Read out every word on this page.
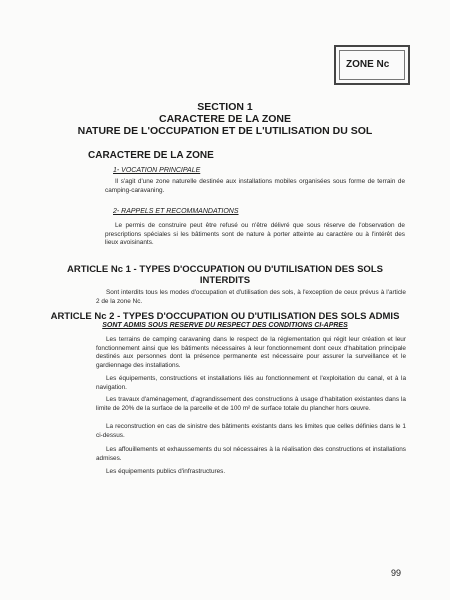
ZONE Nc
SECTION 1
CARACTERE DE LA ZONE
NATURE DE L'OCCUPATION ET DE L'UTILISATION DU SOL
CARACTERE DE LA ZONE
1- VOCATION PRINCIPALE
Il s'agit d'une zone naturelle destinée aux installations mobiles organisées sous forme de terrain de camping-caravaning.
2- RAPPELS ET RECOMMANDATIONS
Le permis de construire peut être refusé ou n'être délivré que sous réserve de l'observation de prescriptions spéciales si les bâtiments sont de nature à porter atteinte au caractère ou à l'intérêt des lieux avoisinants.
ARTICLE Nc 1 - TYPES D'OCCUPATION OU D'UTILISATION DES SOLS
INTERDITS
Sont interdits tous les modes d'occupation et d'utilisation des sols, à l'exception de ceux prévus à l'article 2 de la zone Nc.
ARTICLE Nc 2 - TYPES D'OCCUPATION OU D'UTILISATION DES SOLS ADMIS
SONT ADMIS SOUS RESERVE DU RESPECT DES CONDITIONS CI-APRES
Les terrains de camping caravaning dans le respect de la réglementation qui régit leur création et leur fonctionnement ainsi que les bâtiments nécessaires à leur fonctionnement dont ceux d'habitation principale destinés aux personnes dont la présence permanente est nécessaire pour assurer la surveillance et le gardiennage des installations.
Les équipements, constructions et installations liés au fonctionnement et l'exploitation du canal, et à la navigation.
Les travaux d'aménagement, d'agrandissement des constructions à usage d'habitation existantes dans la limite de 20% de la surface de la parcelle et de 100 m² de surface totale du plancher hors œuvre.
La reconstruction en cas de sinistre des bâtiments existants dans les limites que celles définies dans le 1 ci-dessus.
Les affouillements et exhaussements du sol nécessaires à la réalisation des constructions et installations admises.
Les équipements publics d'infrastructures.
99
